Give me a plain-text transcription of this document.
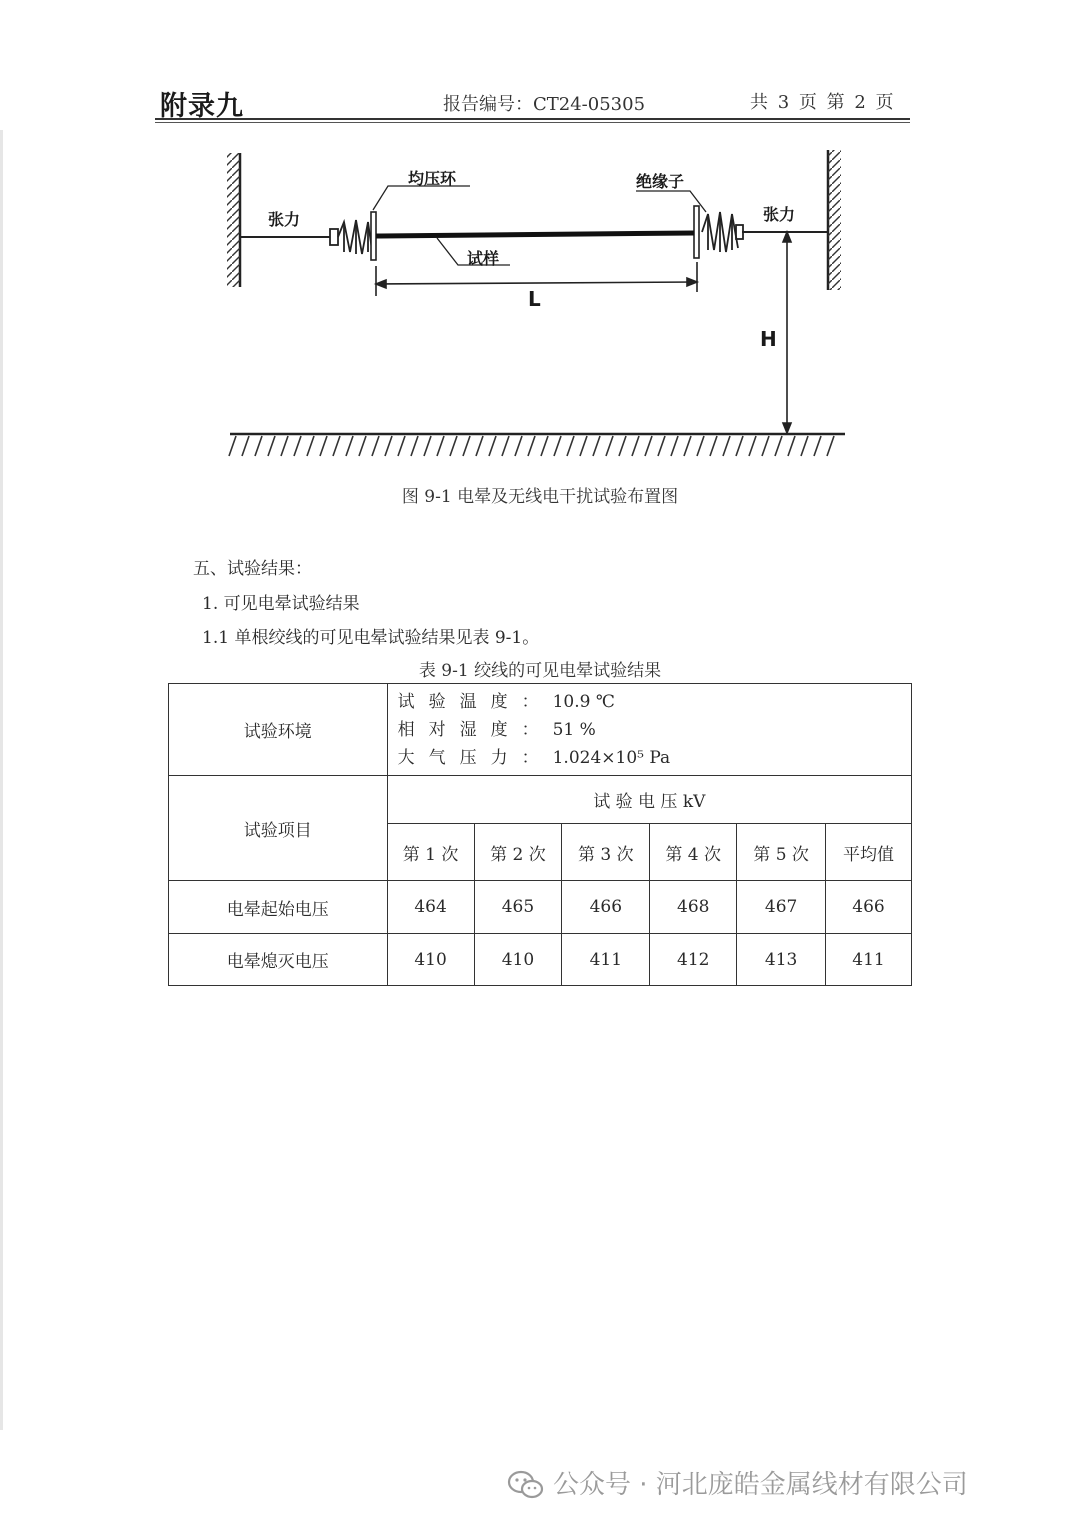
附录九	报告编号：CT24-05305	共 3 页 第 2 页
均压环	绝缘子
张力	张力
试样
L
H
图 9-1 电晕及无线电干扰试验布置图
五、试验结果：
1. 可见电晕试验结果
1.1 单根绞线的可见电晕试验结果见表 9-1。
表 9-1 绞线的可见电晕试验结果
试验环境	试验温度：10.9 ℃
相对湿度：51 %
大气压力：1.024×10⁵ Pa					

试验项目	试 验 电 压 kV					
	第 1 次	第 2 次	第 3 次	第 4 次	第 5 次	平均值
电晕起始电压	464	465	466	468	467	466
电晕熄灭电压	410	410	411	412	413	411
公众号 · 河北庞皓金属线材有限公司
